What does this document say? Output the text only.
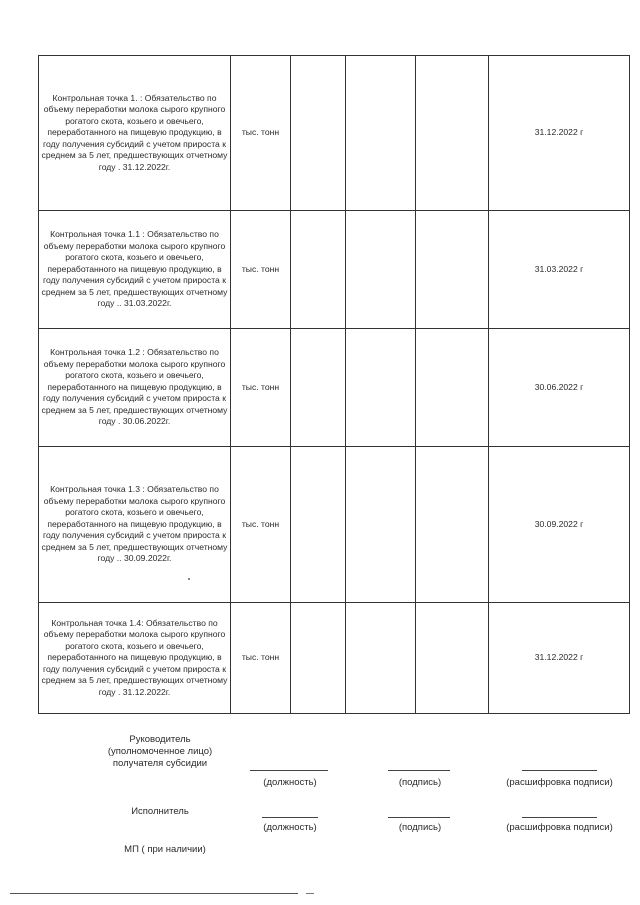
Контрольная точка 1. : Обязательство по объему переработки молока сырого крупного рогатого скота, козьего и овечьего, переработанного на пищевую продукцию, в году получения субсидий с учетом прироста к среднем за 5 лет, предшествующих отчетному году . 31.12.2022г.	тыс. тонн				31.12.2022 г
Контрольная точка 1.1 : Обязательство по объему переработки молока сырого крупного рогатого скота, козьего и овечьего, переработанного на пищевую продукцию, в году получения субсидий с учетом прироста к среднем за 5 лет, предшествующих отчетному году .. 31.03.2022г.	тыс. тонн				31.03.2022 г
Контрольная точка 1.2 : Обязательство по объему переработки молока сырого крупного рогатого скота, козьего и овечьего, переработанного на пищевую продукцию, в году получения субсидий с учетом прироста к среднем за 5 лет, предшествующих отчетному году . 30.06.2022г.	тыс. тонн				30.06.2022 г
Контрольная точка 1.3 : Обязательство по объему переработки молока сырого крупного рогатого скота, козьего и овечьего, переработанного на пищевую продукцию, в году получения субсидий с учетом прироста к среднем за 5 лет, предшествующих отчетному году .. 30.09.2022г.	тыс. тонн				30.09.2022 г
Контрольная точка 1.4: Обязательство по объему переработки молока сырого крупного рогатого скота, козьего и овечьего, переработанного на пищевую продукцию, в году получения субсидий с учетом прироста к среднем за 5 лет, предшествующих отчетному году . 31.12.2022г.	тыс. тонн				31.12.2022 г
Руководитель
(уполномоченное лицо)
получателя субсидии
(должность)	(подпись)	(расшифровка подписи)
Исполнитель
(должность)	(подпись)	(расшифровка подписи)
МП ( при наличии)
